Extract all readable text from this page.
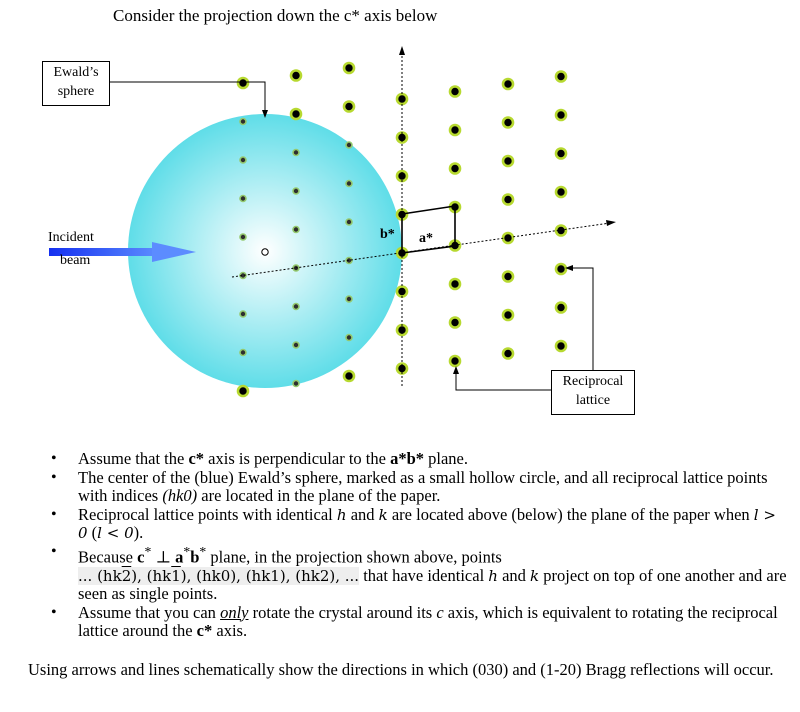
Consider the projection down the c* axis below
Ewald’s
sphere
Reciprocal
lattice
Incident
beam
b* a*
• Assume that the c* axis is perpendicular to the a*b* plane.
• The center of the (blue) Ewald’s sphere, marked as a small hollow circle, and all reciprocal lattice points with indices (hk0) are located in the plane of the paper.
• Reciprocal lattice points with identical h and k are located above (below) the plane of the paper when l > 0 (l < 0).
• Because c* ⊥ a*b* plane, in the projection shown above, points
... (hk2), (hk1), (hk0), (hk1), (hk2), ... that have identical h and k project on top of one another and are seen as single points.
• Assume that you can only rotate the crystal around its c axis, which is equivalent to rotating the reciprocal lattice around the c* axis.
Using arrows and lines schematically show the directions in which (030) and (1-20) Bragg reflections will occur.
